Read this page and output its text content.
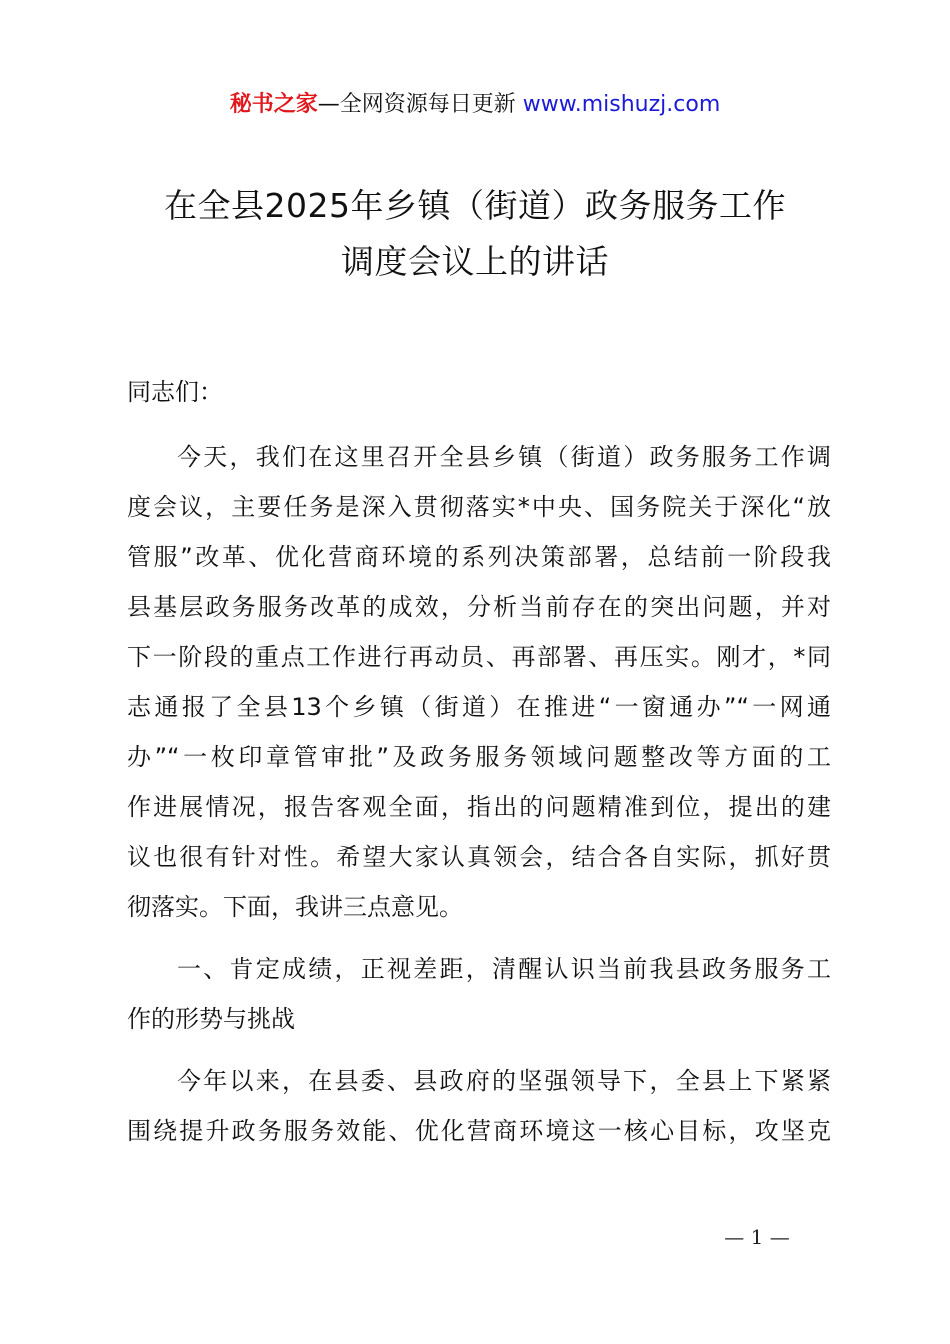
秘书之家—全网资源每日更新 www.mishuzj.com
在全县2025年乡镇（街道）政务服务工作
调度会议上的讲话
同志们：
今天，我们在这里召开全县乡镇（街道）政务服务工作调
度会议，主要任务是深入贯彻落实*中央、国务院关于深化“放
管服”改革、优化营商环境的系列决策部署，总结前一阶段我
县基层政务服务改革的成效，分析当前存在的突出问题，并对
下一阶段的重点工作进行再动员、再部署、再压实。刚才，*同
志通报了全县13个乡镇（街道）在推进“一窗通办”“一网通
办”“一枚印章管审批”及政务服务领域问题整改等方面的工
作进展情况，报告客观全面，指出的问题精准到位，提出的建
议也很有针对性。希望大家认真领会，结合各自实际，抓好贯
彻落实。下面，我讲三点意见。
一、肯定成绩，正视差距，清醒认识当前我县政务服务工
作的形势与挑战
今年以来，在县委、县政府的坚强领导下，全县上下紧紧
围绕提升政务服务效能、优化营商环境这一核心目标，攻坚克
— 1 —
